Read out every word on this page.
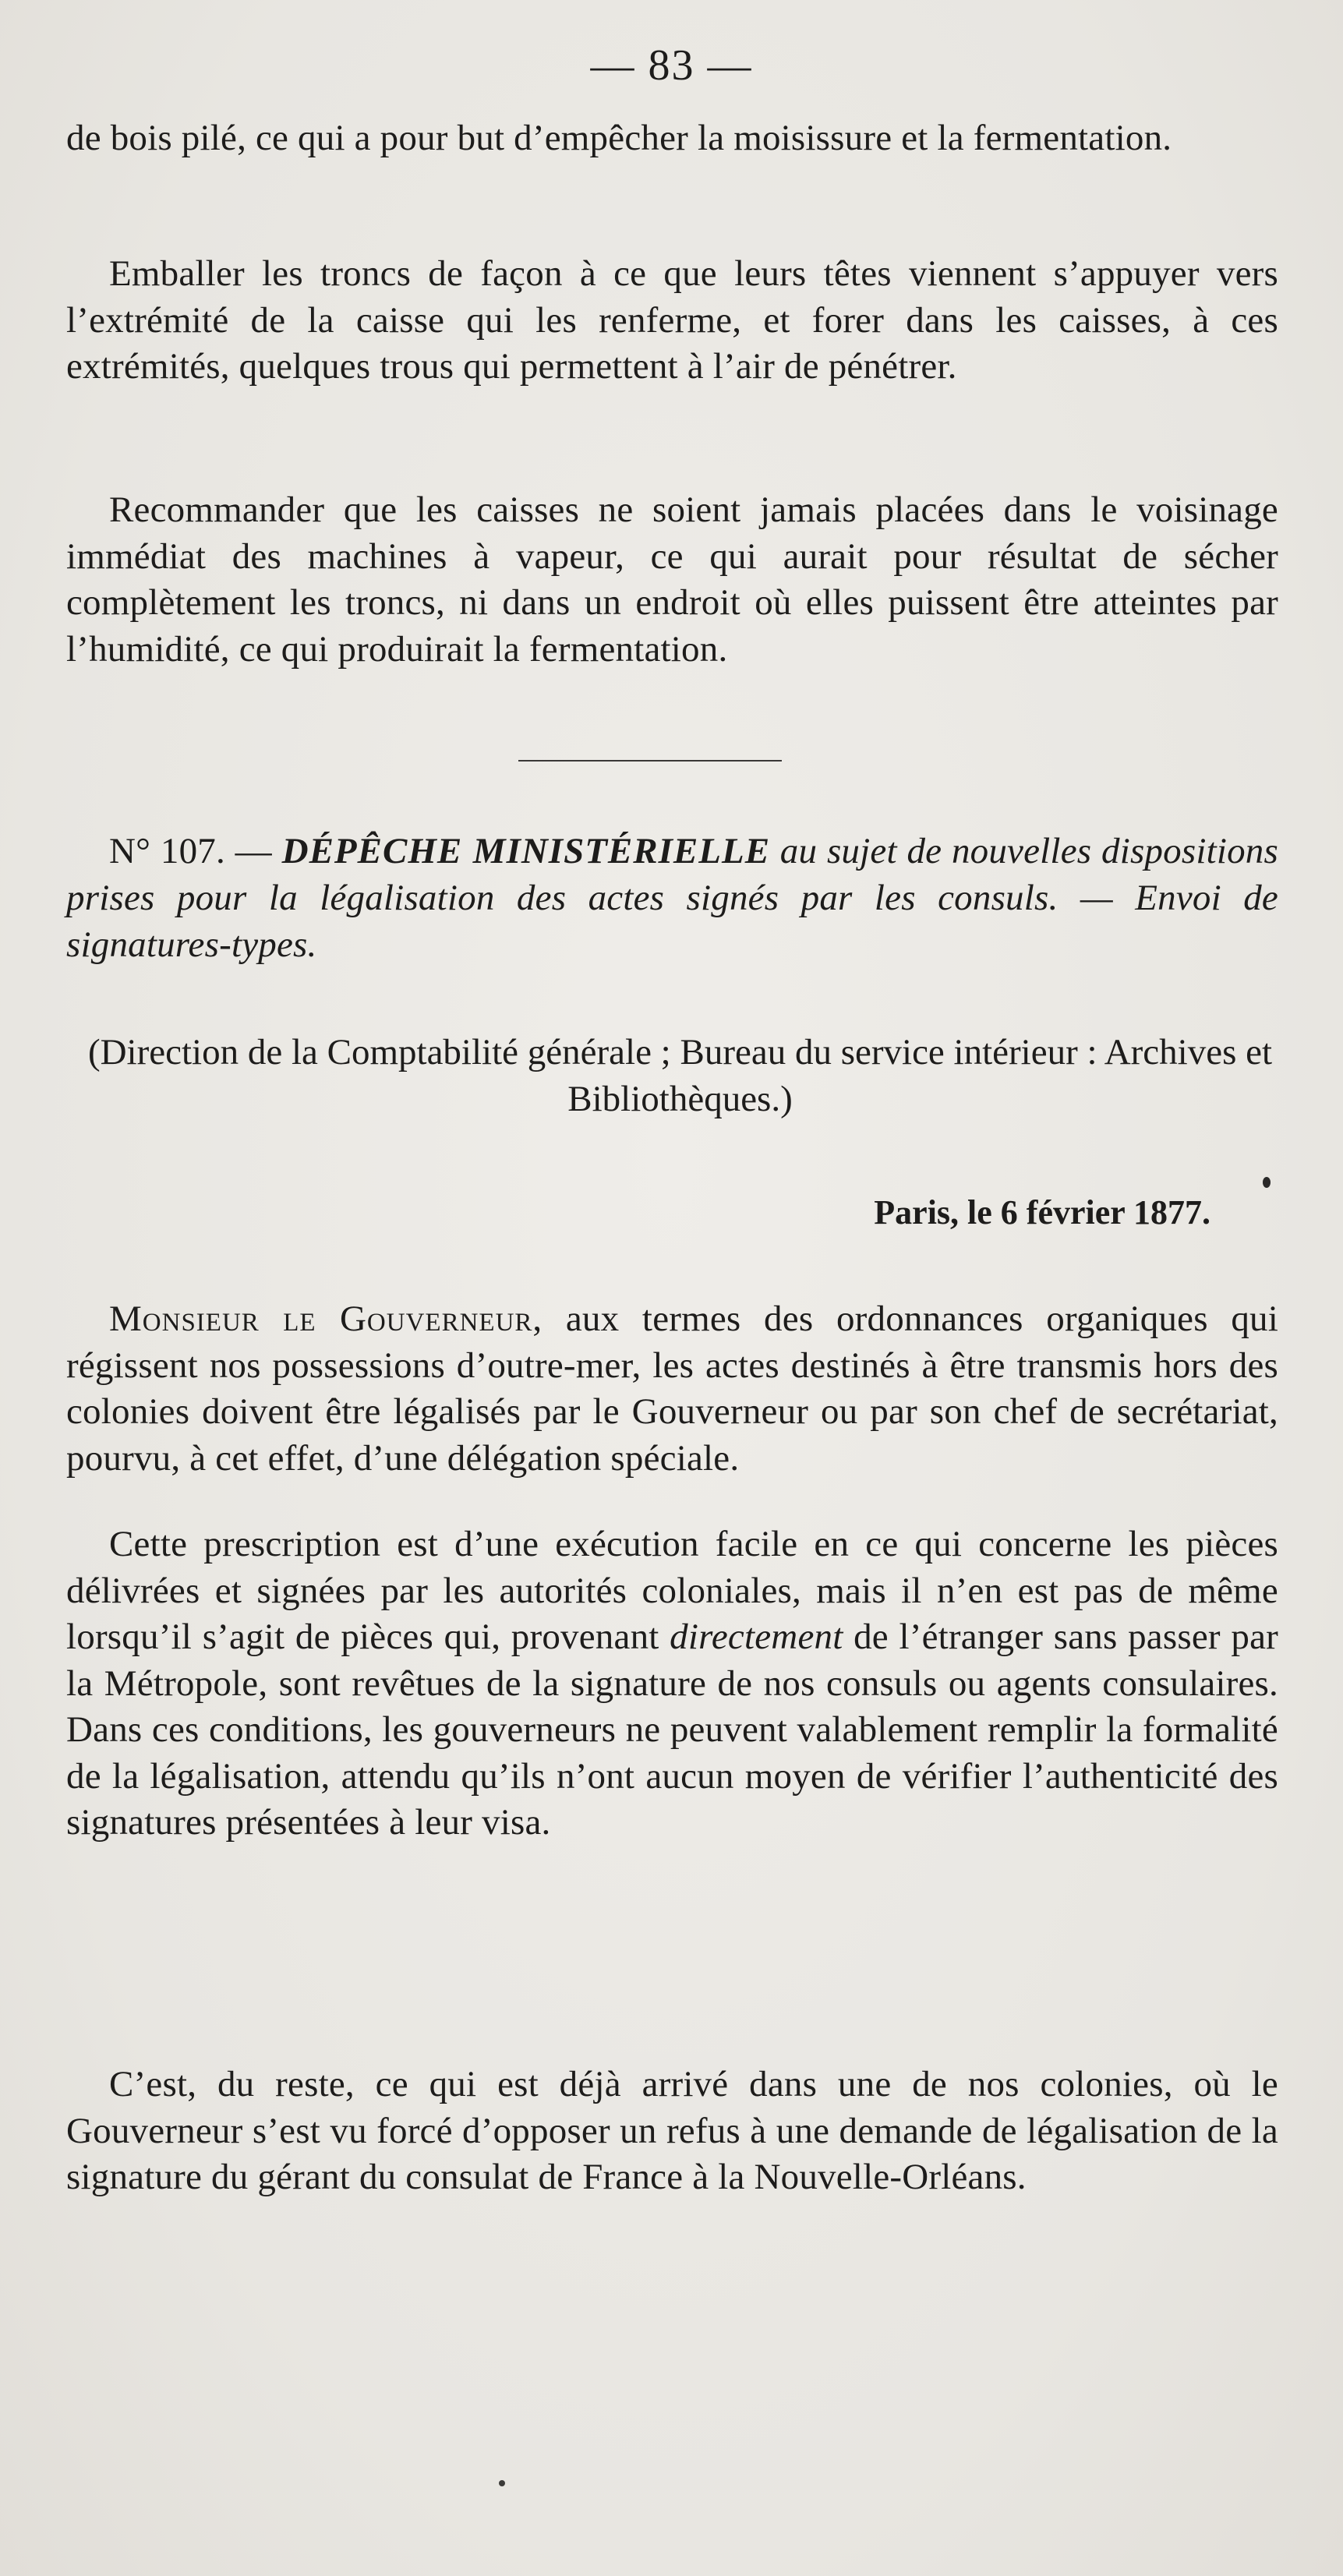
— 83 —

de bois pilé, ce qui a pour but d’empêcher la moisissure et la fermentation.

Emballer les troncs de façon à ce que leurs têtes viennent s’appuyer vers l’extrémité de la caisse qui les renferme, et forer dans les caisses, à ces extrémités, quelques trous qui permettent à l’air de pénétrer.

Recommander que les caisses ne soient jamais placées dans le voisinage immédiat des machines à vapeur, ce qui aurait pour résultat de sécher complètement les troncs, ni dans un endroit où elles puissent être atteintes par l’humidité, ce qui produirait la fermentation.

N° 107. — DÉPÊCHE MINISTÉRIELLE au sujet de nouvelles dispositions prises pour la légalisation des actes signés par les consuls. — Envoi de signatures-types.

(Direction de la Comptabilité générale ; Bureau du service intérieur : Archives et Bibliothèques.)
Paris, le 6 février 1877.

Monsieur le Gouverneur, aux termes des ordonnances organiques qui régissent nos possessions d’outre-mer, les actes destinés à être transmis hors des colonies doivent être légalisés par le Gouverneur ou par son chef de secrétariat, pourvu, à cet effet, d’une délégation spéciale.

Cette prescription est d’une exécution facile en ce qui concerne les pièces délivrées et signées par les autorités coloniales, mais il n’en est pas de même lorsqu’il s’agit de pièces qui, provenant directement de l’étranger sans passer par la Métropole, sont revêtues de la signature de nos consuls ou agents consulaires. Dans ces conditions, les gouverneurs ne peuvent valablement remplir la formalité de la légalisation, attendu qu’ils n’ont aucun moyen de vérifier l’authenticité des signatures présentées à leur visa.

C’est, du reste, ce qui est déjà arrivé dans une de nos colonies, où le Gouverneur s’est vu forcé d’opposer un refus à une demande de légalisation de la signature du gérant du consulat de France à la Nouvelle-Orléans.
